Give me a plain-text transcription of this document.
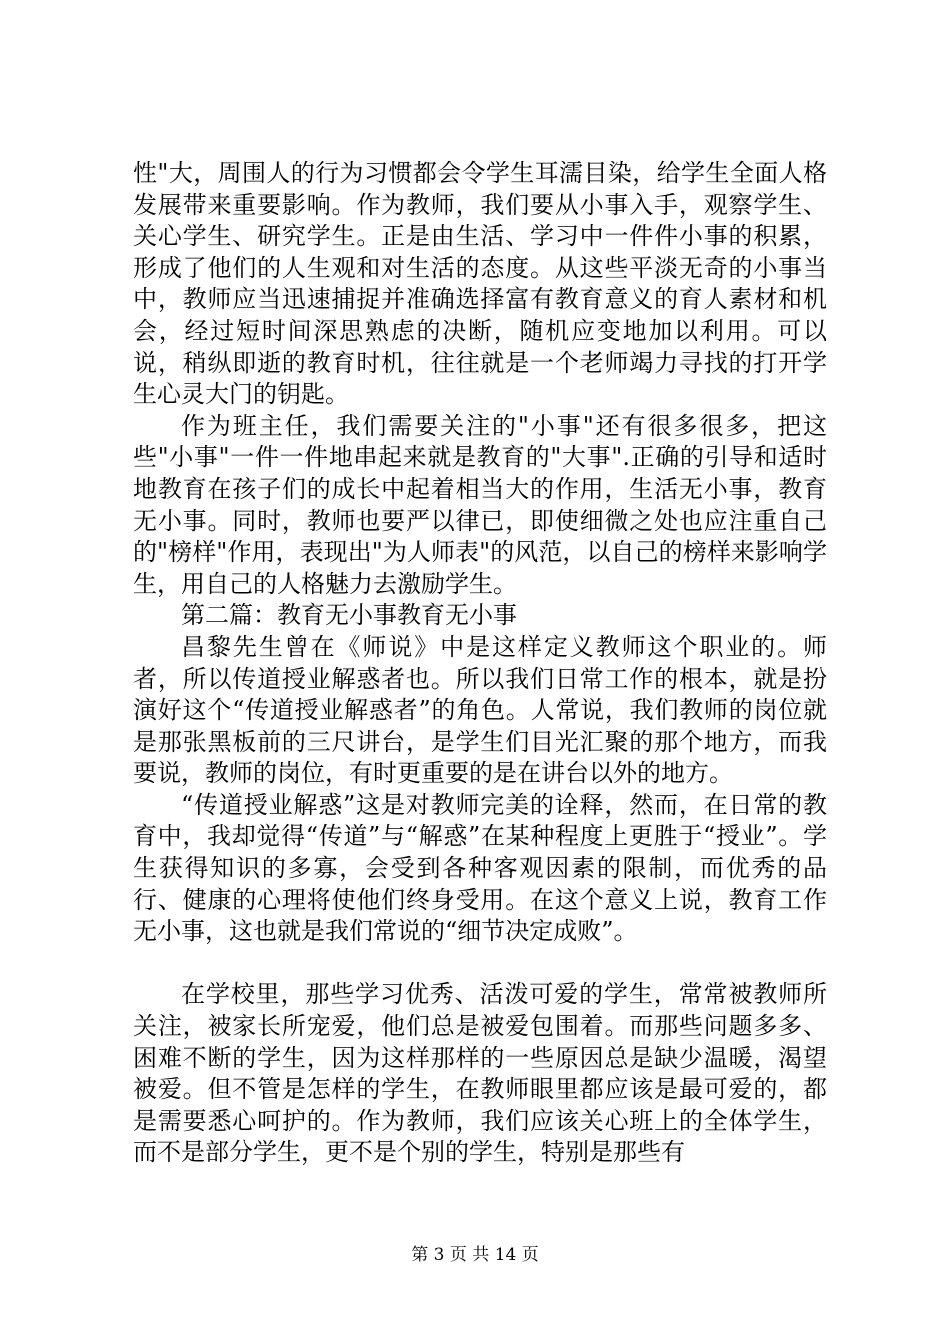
性"大，周围人的行为习惯都会令学生耳濡目染，给学生全面人格发展带来重要影响。作为教师，我们要从小事入手，观察学生、关心学生、研究学生。正是由生活、学习中一件件小事的积累，形成了他们的人生观和对生活的态度。从这些平淡无奇的小事当中，教师应当迅速捕捉并准确选择富有教育意义的育人素材和机会，经过短时间深思熟虑的决断，随机应变地加以利用。可以说，稍纵即逝的教育时机，往往就是一个老师竭力寻找的打开学生心灵大门的钥匙。

作为班主任，我们需要关注的"小事"还有很多很多，把这些"小事"一件一件地串起来就是教育的"大事".正确的引导和适时地教育在孩子们的成长中起着相当大的作用，生活无小事，教育无小事。同时，教师也要严以律已，即使细微之处也应注重自己的"榜样"作用，表现出"为人师表"的风范，以自己的榜样来影响学生，用自己的人格魅力去激励学生。

第二篇：教育无小事教育无小事

昌黎先生曾在《师说》中是这样定义教师这个职业的。师者，所以传道授业解惑者也。所以我们日常工作的根本，就是扮演好这个“传道授业解惑者”的角色。人常说，我们教师的岗位就是那张黑板前的三尺讲台，是学生们目光汇聚的那个地方，而我要说，教师的岗位，有时更重要的是在讲台以外的地方。

“传道授业解惑”这是对教师完美的诠释，然而，在日常的教育中，我却觉得“传道”与“解惑”在某种程度上更胜于“授业”。学生获得知识的多寡，会受到各种客观因素的限制，而优秀的品行、健康的心理将使他们终身受用。在这个意义上说，教育工作无小事，这也就是我们常说的“细节决定成败”。

在学校里，那些学习优秀、活泼可爱的学生，常常被教师所关注，被家长所宠爱，他们总是被爱包围着。而那些问题多多、困难不断的学生，因为这样那样的一些原因总是缺少温暖，渴望被爱。但不管是怎样的学生，在教师眼里都应该是最可爱的，都是需要悉心呵护的。作为教师，我们应该关心班上的全体学生，而不是部分学生，更不是个别的学生，特别是那些有

第 3 页 共 14 页
